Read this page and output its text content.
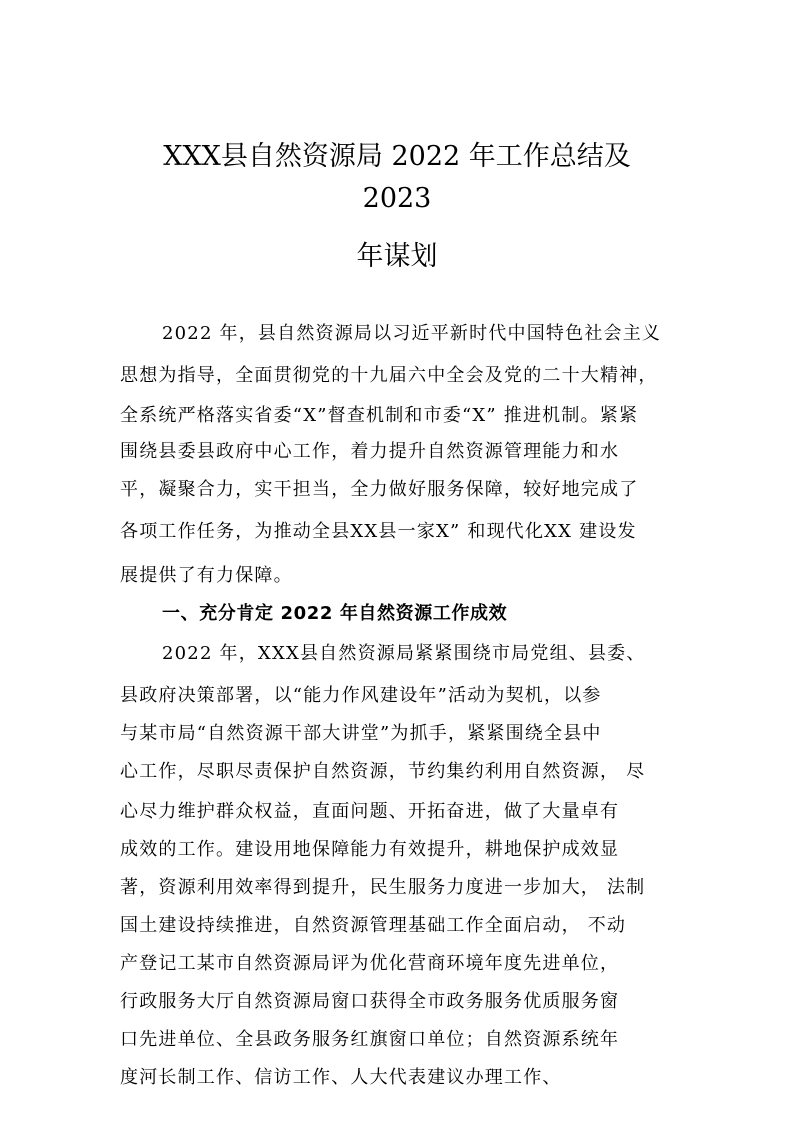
XXX县自然资源局 2022 年工作总结及
2023
年谋划
2022 年，县自然资源局以习近平新时代中国特色社会主义
思想为指导，全面贯彻党的十九届六中全会及党的二十大精神，
全系统严格落实省委“X”督查机制和市委“X” 推进机制。紧紧
围绕县委县政府中心工作，着力提升自然资源管理能力和水
平，凝聚合力，实干担当，全力做好服务保障，较好地完成了
各项工作任务，为推动全县XX县一家X” 和现代化XX 建设发
展提供了有力保障。
一、充分肯定 2022 年自然资源工作成效
2022 年，XXX县自然资源局紧紧围绕市局党组、县委、
县政府决策部署，以“能力作风建设年”活动为契机，以参
与某市局“自然资源干部大讲堂”为抓手，紧紧围绕全县中
心工作，尽职尽责保护自然资源，节约集约利用自然资源， 尽
心尽力维护群众权益，直面问题、开拓奋进，做了大量卓有
成效的工作。建设用地保障能力有效提升，耕地保护成效显
著，资源利用效率得到提升，民生服务力度进一步加大， 法制
国土建设持续推进，自然资源管理基础工作全面启动， 不动
产登记工某市自然资源局评为优化营商环境年度先进单位，
行政服务大厅自然资源局窗口获得全市政务服务优质服务窗
口先进单位、全县政务服务红旗窗口单位；自然资源系统年
度河长制工作、信访工作、人大代表建议办理工作、
